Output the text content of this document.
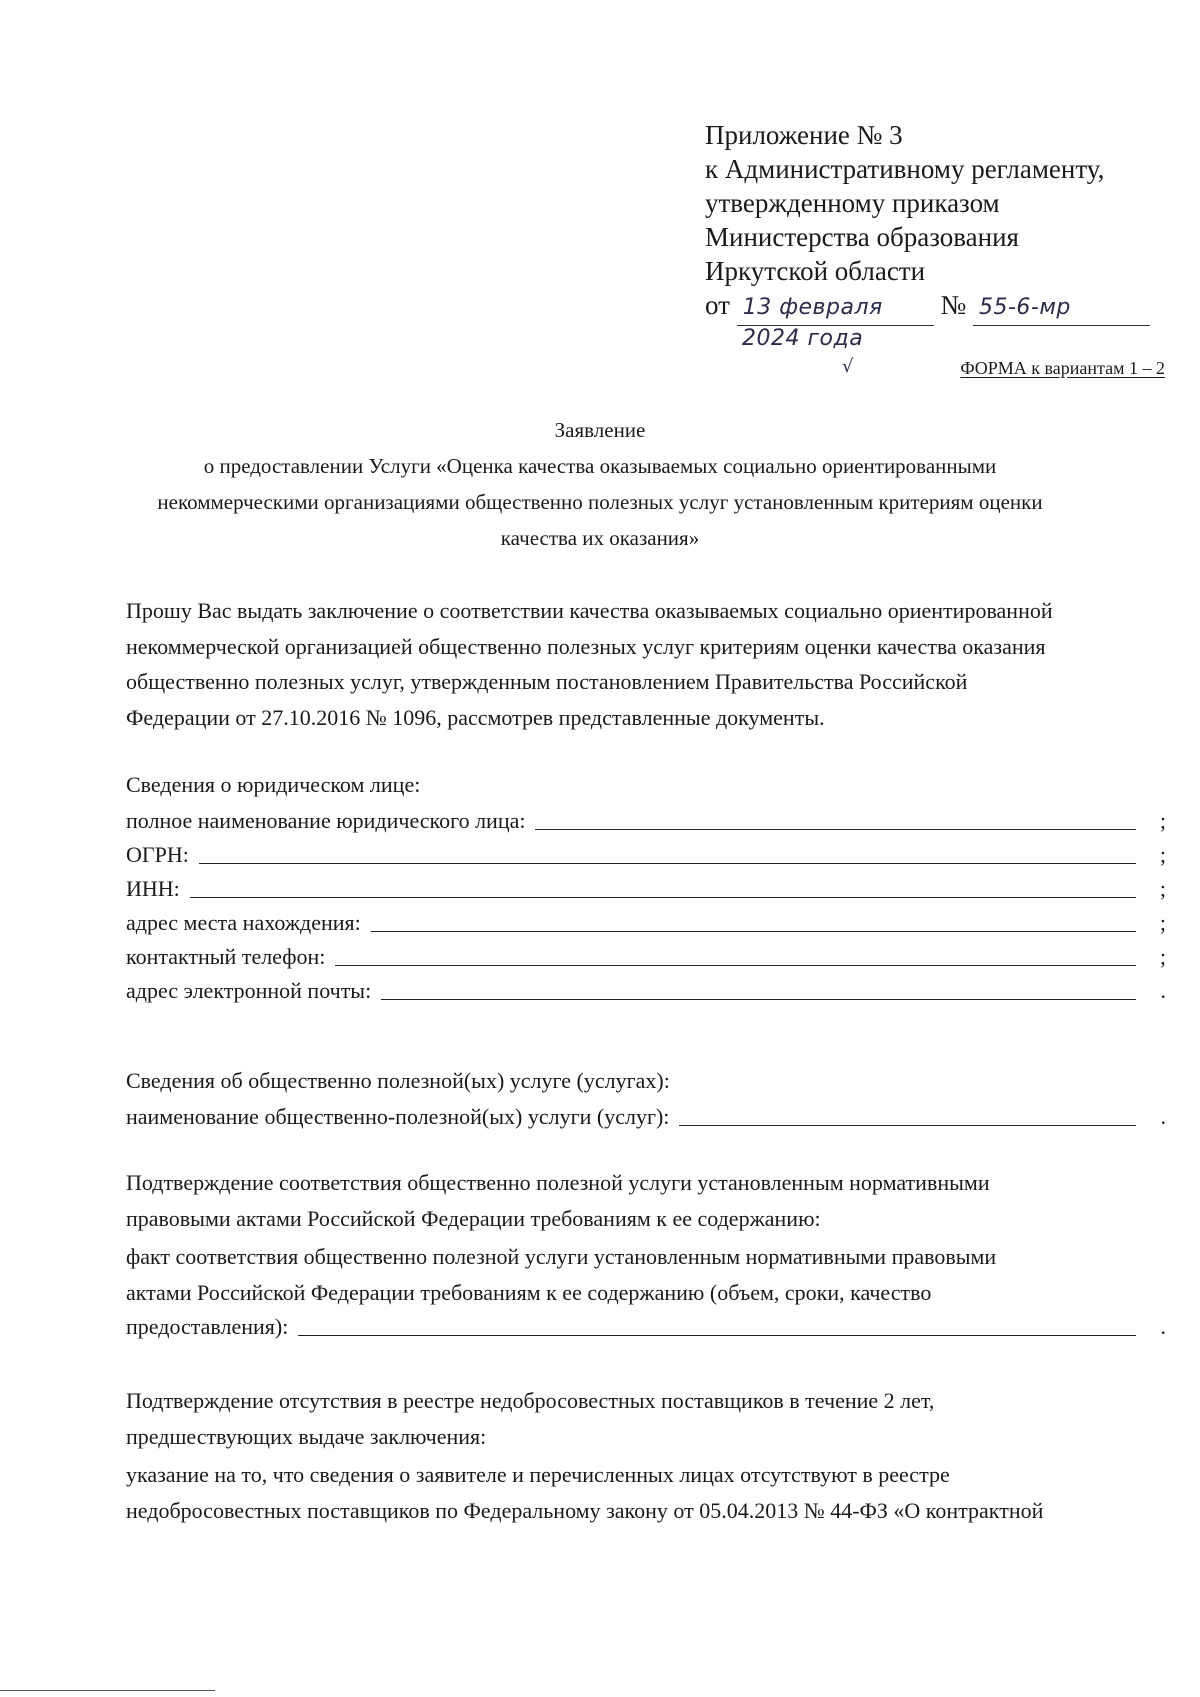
Приложение № 3
к Административному регламенту,
утвержденному приказом
Министерства образования
Иркутской области
от 13 февраля № 55-6-мр
2024 года
√	ФОРМА к вариантам 1 – 2
Заявление
о предоставлении Услуги «Оценка качества оказываемых социально ориентированными
некоммерческими организациями общественно полезных услуг установленным критериям оценки
качества их оказания»
Прошу Вас выдать заключение о соответствии качества оказываемых социально ориентированной
некоммерческой организацией общественно полезных услуг критериям оценки качества оказания
общественно полезных услуг, утвержденным постановлением Правительства Российской
Федерации от 27.10.2016 № 1096, рассмотрев представленные документы.
Сведения о юридическом лице:
полное наименование юридического лица:	;
ОГРН:	;
ИНН:	;
адрес места нахождения:	;
контактный телефон:	;
адрес электронной почты:	.
Сведения об общественно полезной(ых) услуге (услугах):
наименование общественно-полезной(ых) услуги (услуг):	.
Подтверждение соответствия общественно полезной услуги установленным нормативными
правовыми актами Российской Федерации требованиям к ее содержанию:
факт соответствия общественно полезной услуги установленным нормативными правовыми
актами Российской Федерации требованиям к ее содержанию (объем, сроки, качество
предоставления):	.
Подтверждение отсутствия в реестре недобросовестных поставщиков в течение 2 лет,
предшествующих выдаче заключения:
указание на то, что сведения о заявителе и перечисленных лицах отсутствуют в реестре
недобросовестных поставщиков по Федеральному закону от 05.04.2013 № 44-ФЗ «О контрактной
